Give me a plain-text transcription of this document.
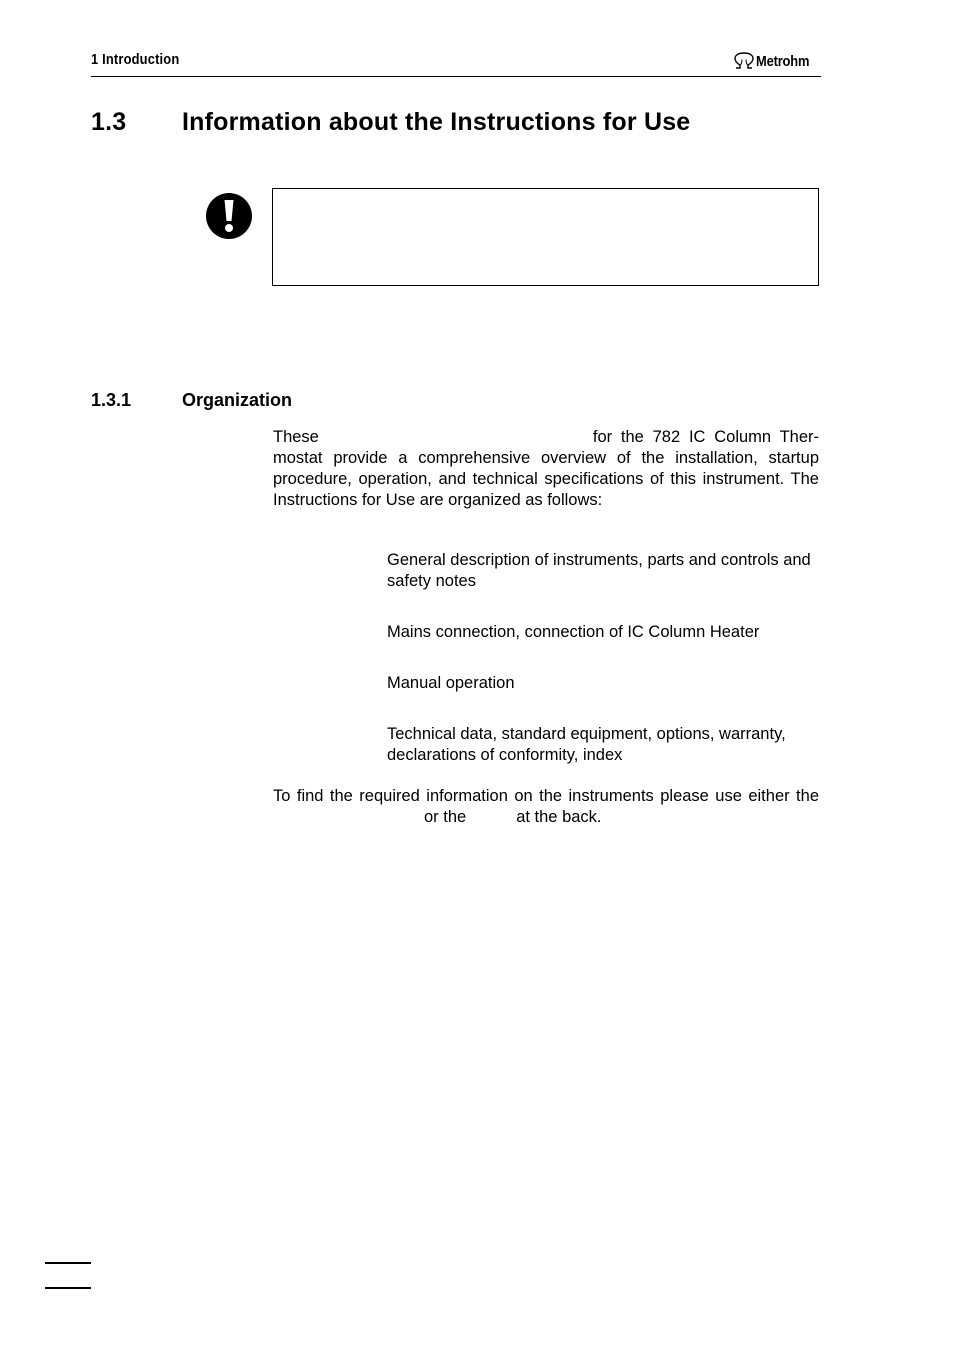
1 Introduction	Metrohm
1.3 Information about the Instructions for Use
1.3.1	Organization
These	for the 782 IC Column Ther-mostat provide a comprehensive overview of the installation, startup procedure, operation, and technical specifications of this instrument. The Instructions for Use are organized as follows:
General description of instruments, parts and controls and safety notes
Mains connection, connection of IC Column Heater
Manual operation
Technical data, standard equipment, options, warranty, declarations of conformity, index
To find the required information on the instruments please use either theor the	at the back.
